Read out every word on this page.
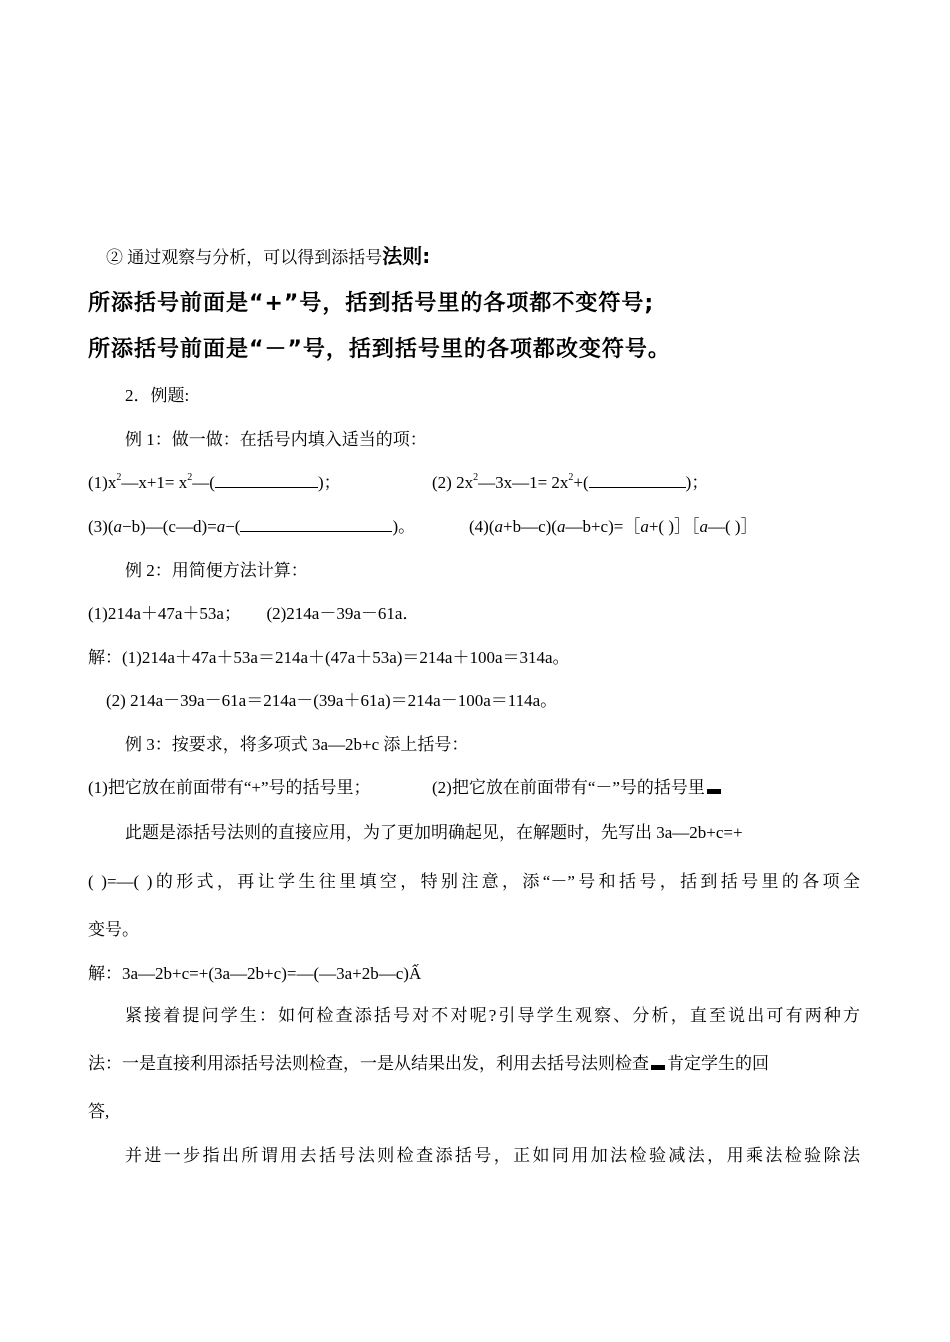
② 通过观察与分析，可以得到添括号法则:
所添括号前面是“+”号，括到括号里的各项都不变符号;
所添括号前面是“－”号，括到括号里的各项都改变符号。
2．例题:
例 1：做一做：在括号内填入适当的项：
$(1)x^2—x+1=$ $x^2—$(	)；	(2) $2x^2—3x—1= 2x^2+$(	)；
(3)(a−b)—(c—d)=a−(	)。	(4)(a+b—c)(a—b+c)=［a+( )］［a—( )］
例 2：用简便方法计算：
(1)214a＋47a＋53a；　　(2)214a－39a－61a．
解：(1)214a＋47a＋53a＝214a＋(47a＋53a)＝214a＋100a＝314a。
(2) 214a－39a－61a＝214a－(39a＋61a)＝214a－100a＝114a。
例 3：按要求，将多项式 3a—2b+c 添上括号：
(1)把它放在前面带有“+”号的括号里；	(2)把它放在前面带有“－”号的括号里
此题是添括号法则的直接应用，为了更加明确起见，在解题时，先写出 3a—2b+c=+
( )=—( )的形式，再让学生往里填空，特别注意，添“－”号和括号，括到括号里的各项全
变号。
解：3a—2b+c=+(3a—2b+c)=—(—3a+2b—c)Ấ
紧接着提问学生：如何检查添括号对不对呢?引导学生观察、分析，直至说出可有两种方
法：一是直接利用添括号法则检查，一是从结果出发，利用去括号法则检查 肯定学生的回
答,
并进一步指出所谓用去括号法则检查添括号，正如同用加法检验减法，用乘法检验除法
